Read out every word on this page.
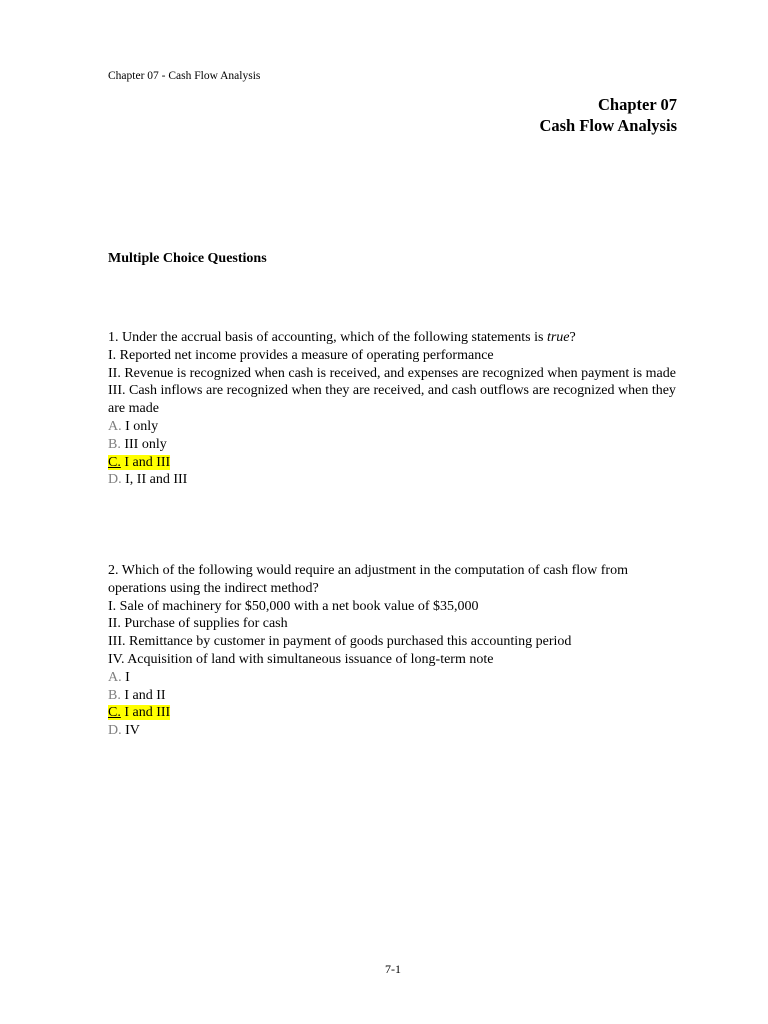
Chapter 07 - Cash Flow Analysis
Chapter 07
Cash Flow Analysis
Multiple Choice Questions
1. Under the accrual basis of accounting, which of the following statements is true?
I. Reported net income provides a measure of operating performance
II. Revenue is recognized when cash is received, and expenses are recognized when payment is made
III. Cash inflows are recognized when they are received, and cash outflows are recognized when they are made
A. I only
B. III only
C. I and III
D. I, II and III
2. Which of the following would require an adjustment in the computation of cash flow from operations using the indirect method?
I. Sale of machinery for $50,000 with a net book value of $35,000
II. Purchase of supplies for cash
III. Remittance by customer in payment of goods purchased this accounting period
IV. Acquisition of land with simultaneous issuance of long-term note
A. I
B. I and II
C. I and III
D. IV
7-1
